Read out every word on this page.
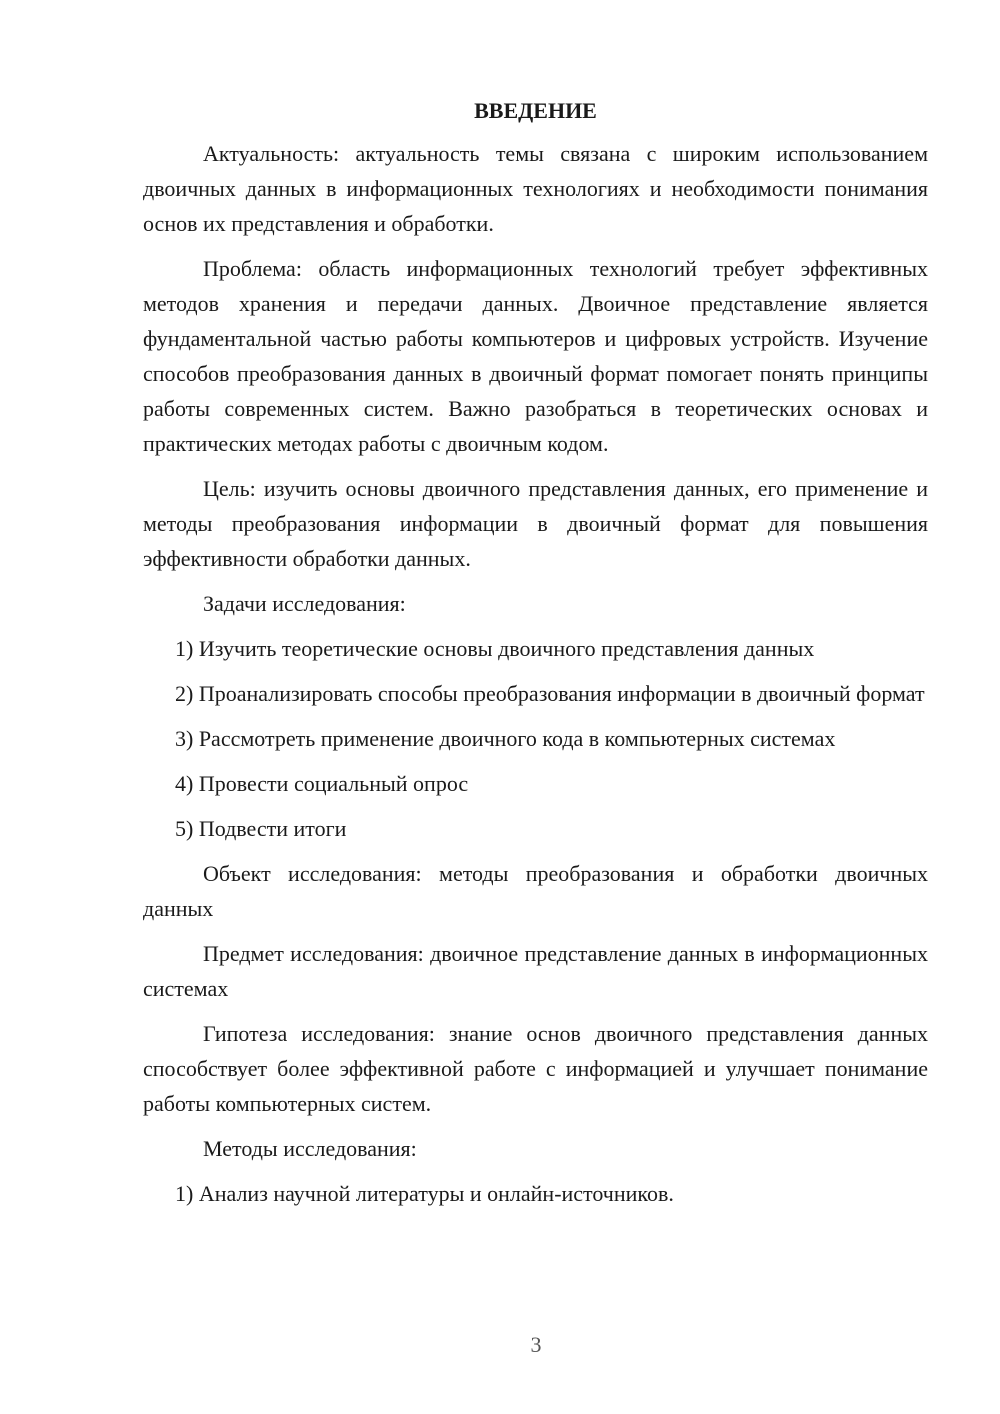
ВВЕДЕНИЕ

Актуальность: актуальность темы связана с широким использованием двоичных данных в информационных технологиях и необходимости понимания основ их представления и обработки.

Проблема: область информационных технологий требует эффективных методов хранения и передачи данных. Двоичное представление является фундаментальной частью работы компьютеров и цифровых устройств. Изучение способов преобразования данных в двоичный формат помогает понять принципы работы современных систем. Важно разобраться в теоретических основах и практических методах работы с двоичным кодом.

Цель: изучить основы двоичного представления данных, его применение и методы преобразования информации в двоичный формат для повышения эффективности обработки данных.

Задачи исследования:

1) Изучить теоретические основы двоичного представления данных

2) Проанализировать способы преобразования информации в двоичный формат

3) Рассмотреть применение двоичного кода в компьютерных системах

4) Провести социальный опрос

5) Подвести итоги

Объект исследования: методы преобразования и обработки двоичных данных

Предмет исследования: двоичное представление данных в информационных системах

Гипотеза исследования: знание основ двоичного представления данных способствует более эффективной работе с информацией и улучшает понимание работы компьютерных систем.

Методы исследования:

1) Анализ научной литературы и онлайн-источников.

3
